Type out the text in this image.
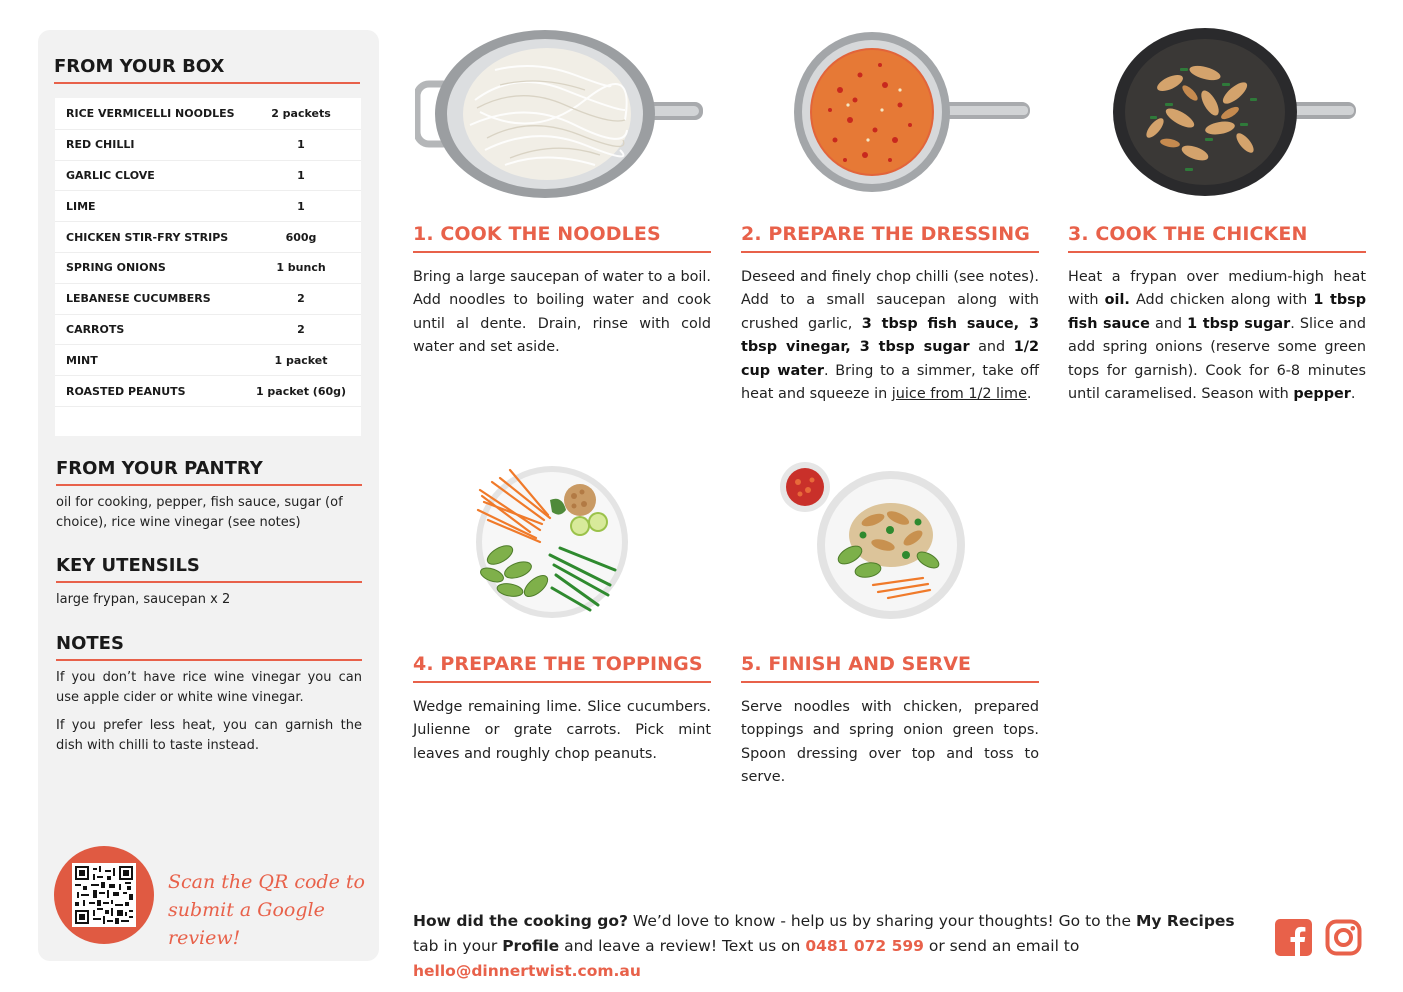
FROM YOUR BOX
RICE VERMICELLI NOODLES	2 packets
RED CHILLI	1
GARLIC CLOVE	1
LIME	1
CHICKEN STIR-FRY STRIPS	600g
SPRING ONIONS	1 bunch
LEBANESE CUCUMBERS	2
CARROTS	2
MINT	1 packet
ROASTED PEANUTS	1 packet (60g)
FROM YOUR PANTRY
oil for cooking, pepper, fish sauce, sugar (of choice), rice wine vinegar (see notes)
KEY UTENSILS
large frypan, saucepan x 2
NOTES

If you don’t have rice wine vinegar you can use apple cider or white wine vinegar.

If you prefer less heat, you can garnish the dish with chilli to taste instead.

Scan the QR code to submit a Google review!
1. COOK THE NOODLES
Bring a large saucepan of water to a boil. Add noodles to boiling water and cook until al dente. Drain, rinse with cold water and set aside.
2. PREPARE THE DRESSING
Deseed and finely chop chilli (see notes). Add to a small saucepan along with crushed garlic, 3 tbsp fish sauce, 3 tbsp vinegar, 3 tbsp sugar and 1/2 cup water. Bring to a simmer, take off heat and squeeze in juice from 1/2 lime.
3. COOK THE CHICKEN
Heat a frypan over medium-high heat with oil. Add chicken along with 1 tbsp fish sauce and 1 tbsp sugar. Slice and add spring onions (reserve some green tops for garnish). Cook for 6-8 minutes until caramelised. Season with pepper.
4. PREPARE THE TOPPINGS
Wedge remaining lime. Slice cucumbers. Julienne or grate carrots. Pick mint leaves and roughly chop peanuts.
5. FINISH AND SERVE
Serve noodles with chicken, prepared toppings and spring onion green tops. Spoon dressing over top and toss to serve.
How did the cooking go? We’d love to know - help us by sharing your thoughts! Go to the My Recipes tab in your Profile and leave a review! Text us on 0481 072 599 or send an email to hello@dinnertwist.com.au
